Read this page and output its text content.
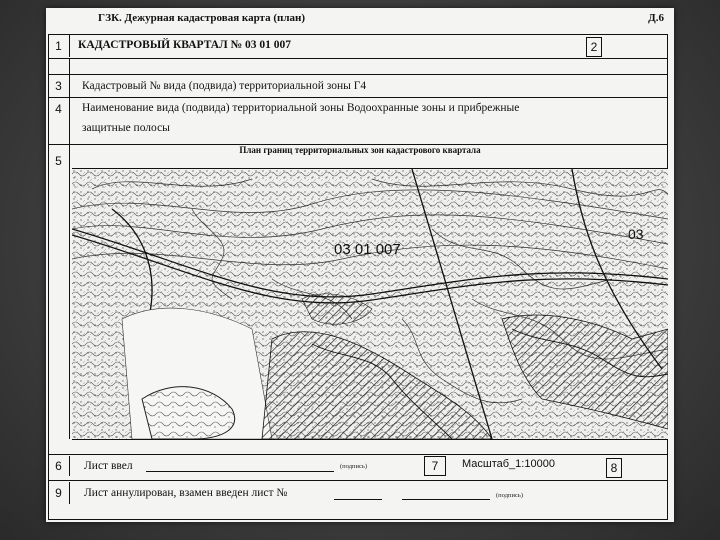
ГЗК. Дежурная кадастровая карта (план)	Д.6
1	КАДАСТРОВЫЙ КВАРТАЛ № 03 01 007	2
3	Кадастровый № вида (подвида) территориальной зоны Г4
4	Наименование вида (подвида) территориальной зоны Водоохранные зоны и прибрежные
защитные полосы
5
План границ территориальных зон кадастрового квартала
03 01 007
03
6	Лист ввел	(подпись)	7	Масштаб_1:10000	8
9	Лист аннулирован, взамен введен лист №	(подпись)
